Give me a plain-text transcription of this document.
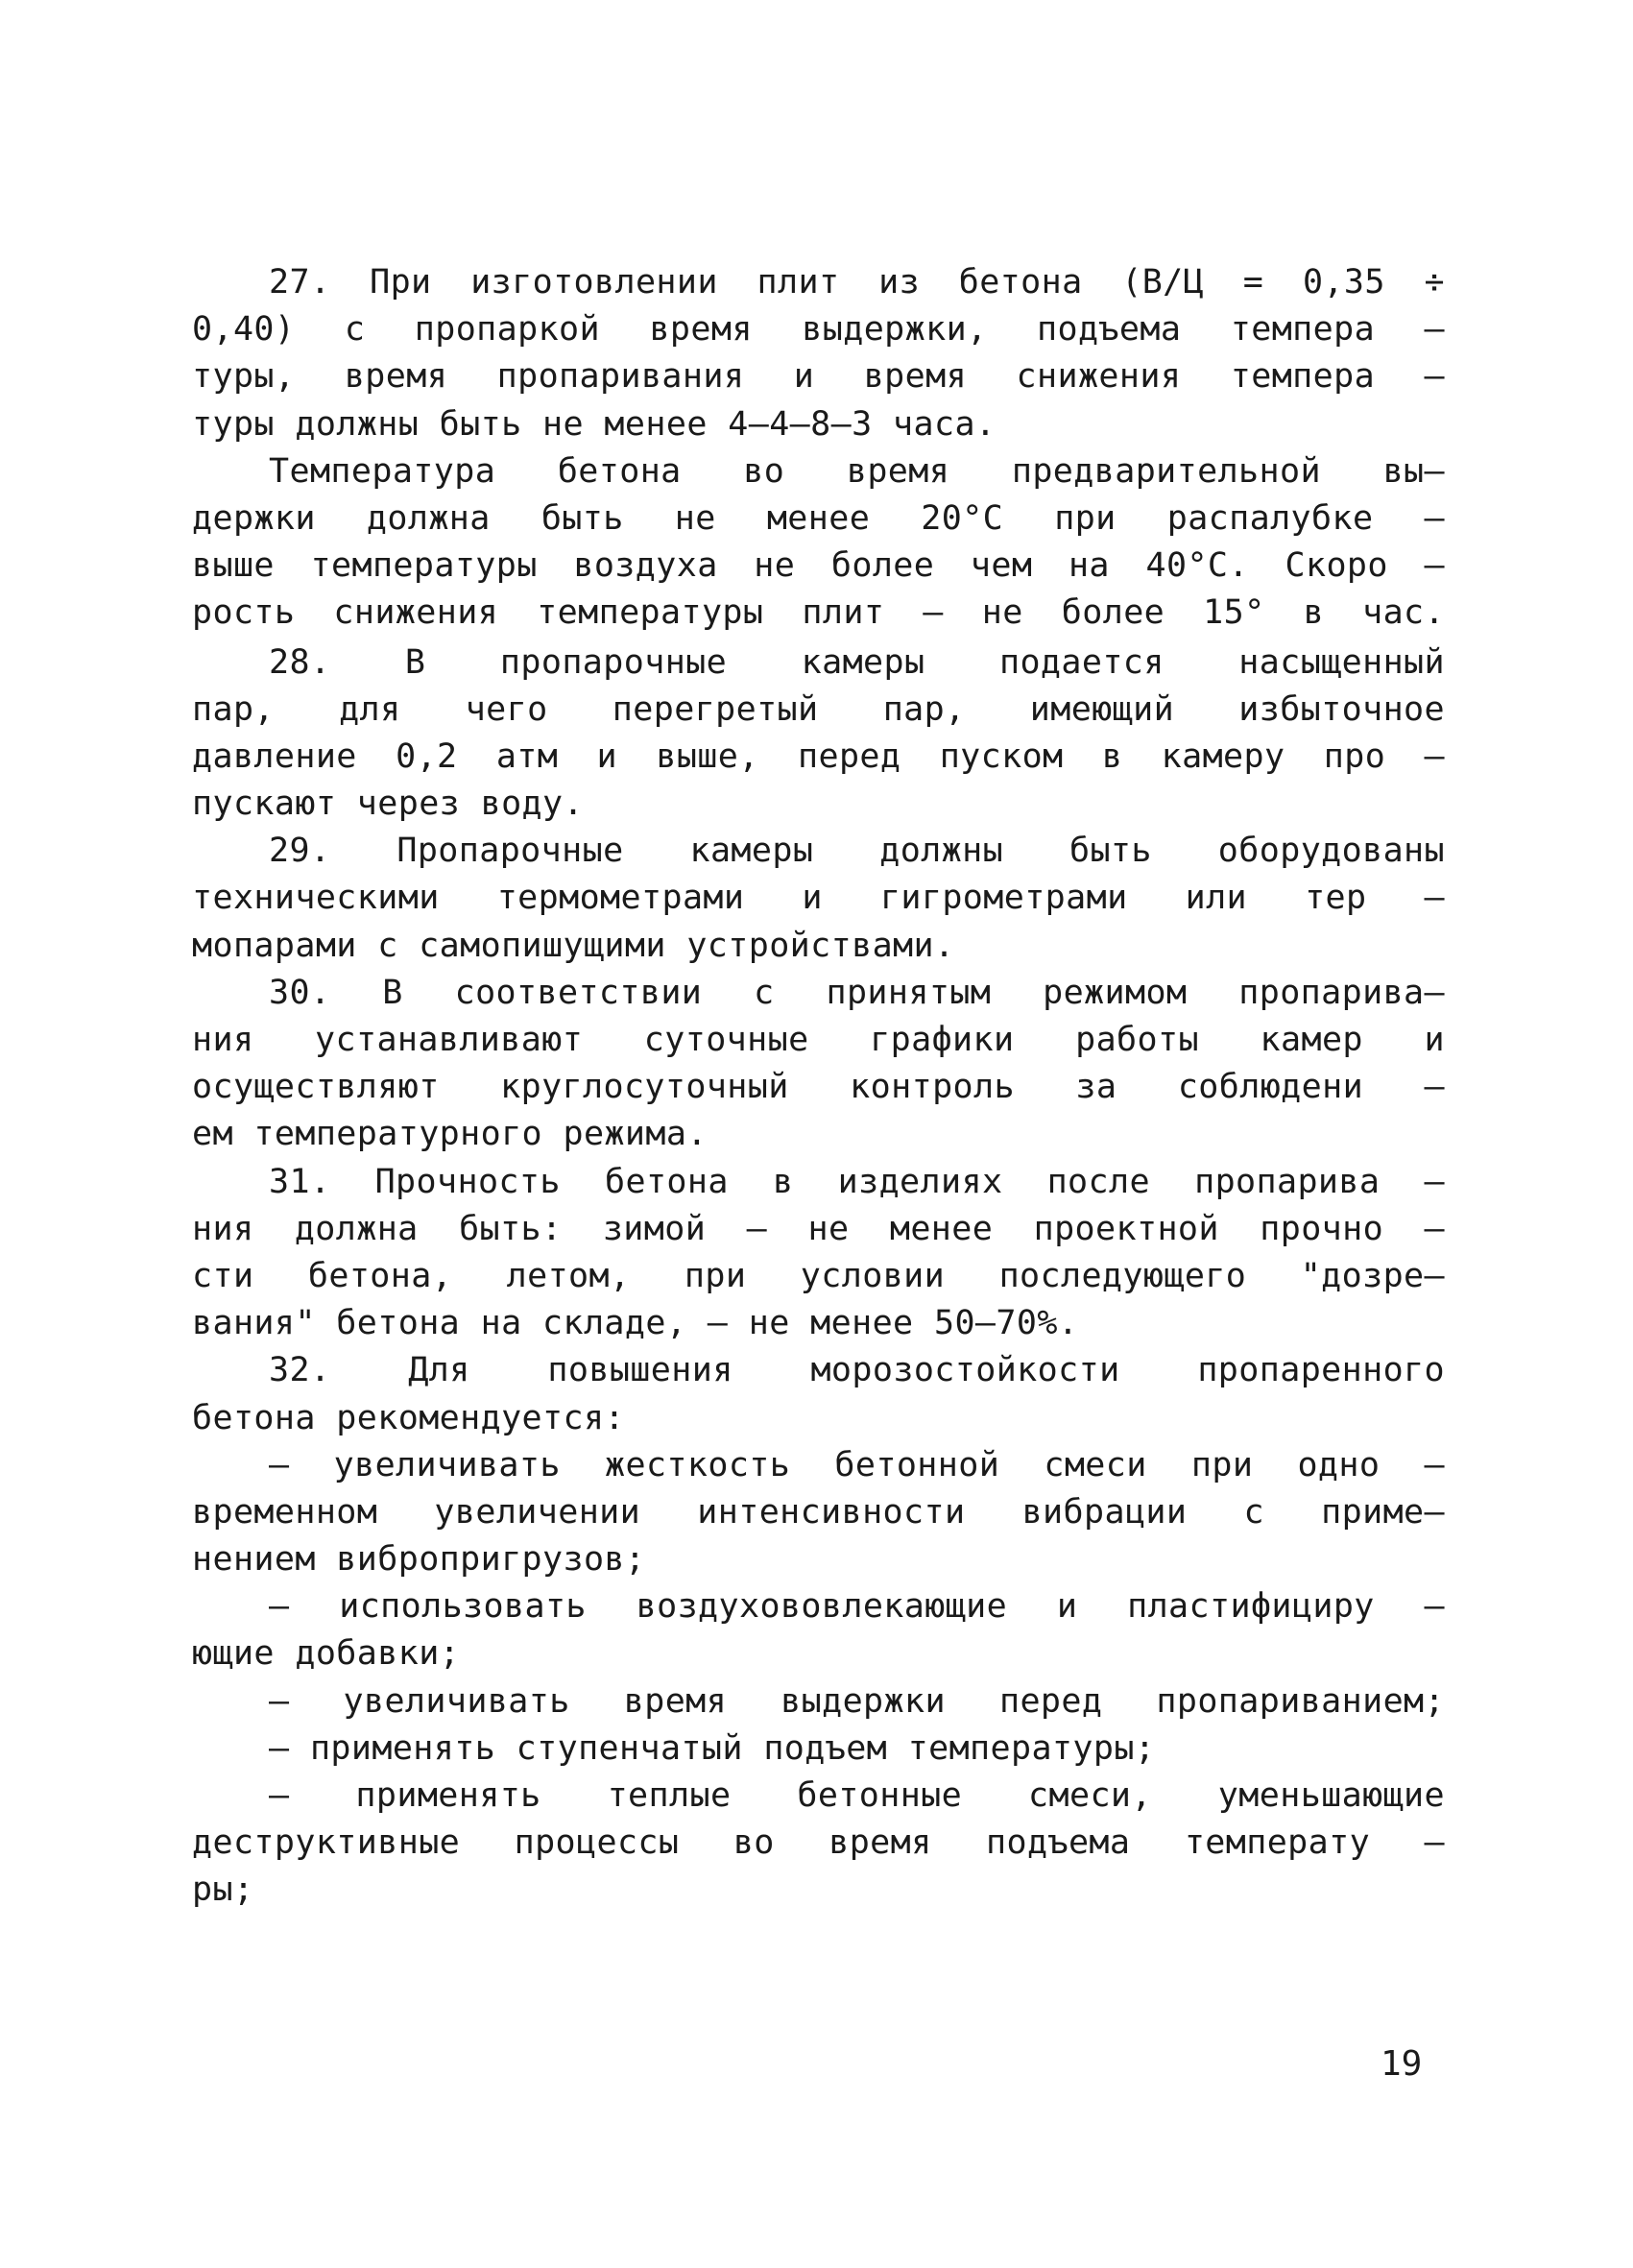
27. При изготовлении плит из бетона (В/Ц = 0,35 ÷
0,40) с пропаркой время выдержки, подъема темпера –
туры, время пропаривания и время снижения темпера –
туры должны быть не менее 4–4–8–3 часа.
Температура бетона во время предварительной вы–
держки должна быть не менее 20°С при распалубке –
выше температуры воздуха не более чем на 40°С. Скоро –
рость снижения температуры плит – не более 15° в час.
28. В пропарочные камеры подается насыщенный
пар, для чего перегретый пар, имеющий избыточное
давление 0,2 атм и выше, перед пуском в камеру про –
пускают через воду.
29. Пропарочные камеры должны быть оборудованы
техническими термометрами и гигрометрами или тер –
мопарами с самопишущими устройствами.
30. В соответствии с принятым режимом пропарива–
ния устанавливают суточные графики работы камер и
осуществляют круглосуточный контроль за соблюдени –
ем температурного режима.
31. Прочность бетона в изделиях после пропарива –
ния должна быть: зимой – не менее проектной прочно –
сти бетона, летом, при условии последующего "дозре–
вания" бетона на складе, – не менее 50–70%.
32. Для повышения морозостойкости пропаренного
бетона рекомендуется:
– увеличивать жесткость бетонной смеси при одно –
временном увеличении интенсивности вибрации с приме–
нением вибропригрузов;
– использовать воздухововлекающие и пластифициру –
ющие добавки;
– увеличивать время выдержки перед пропариванием;
– применять ступенчатый подъем температуры;
– применять теплые бетонные смеси, уменьшающие
деструктивные процессы во время подъема температу –
ры;
19
